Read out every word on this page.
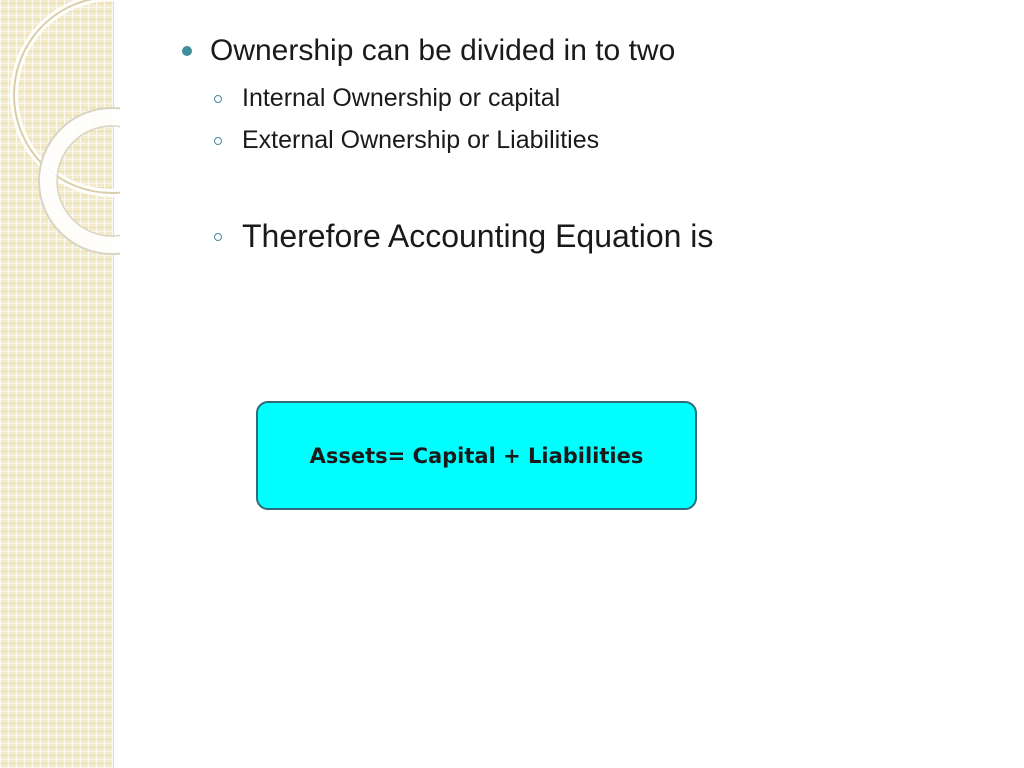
Ownership can be divided in to two
Internal Ownership or capital
External Ownership or Liabilities
Therefore Accounting Equation is
Assets= Capital + Liabilities
